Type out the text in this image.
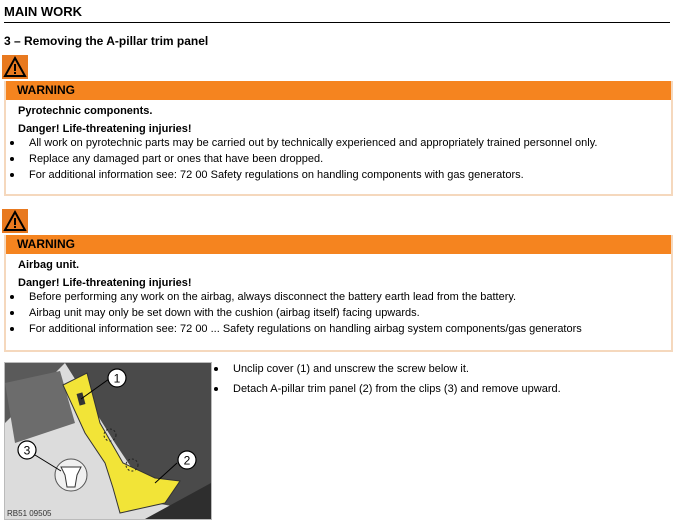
MAIN WORK
3 – Removing the A-pillar trim panel
WARNING
Pyrotechnic components.
Danger! Life-threatening injuries!
All work on pyrotechnic parts may be carried out by technically experienced and appropriately trained personnel only.
Replace any damaged part or ones that have been dropped.
For additional information see: 72 00 Safety regulations on handling components with gas generators.
WARNING
Airbag unit.
Danger! Life-threatening injuries!
Before performing any work on the airbag, always disconnect the battery earth lead from the battery.
Airbag unit may only be set down with the cushion (airbag itself) facing upwards.
For additional information see: 72 00 ... Safety regulations on handling airbag system components/gas generators
1
2
3
RB51 09505
Unclip cover (1) and unscrew the screw below it.
Detach A-pillar trim panel (2) from the clips (3) and remove upward.
